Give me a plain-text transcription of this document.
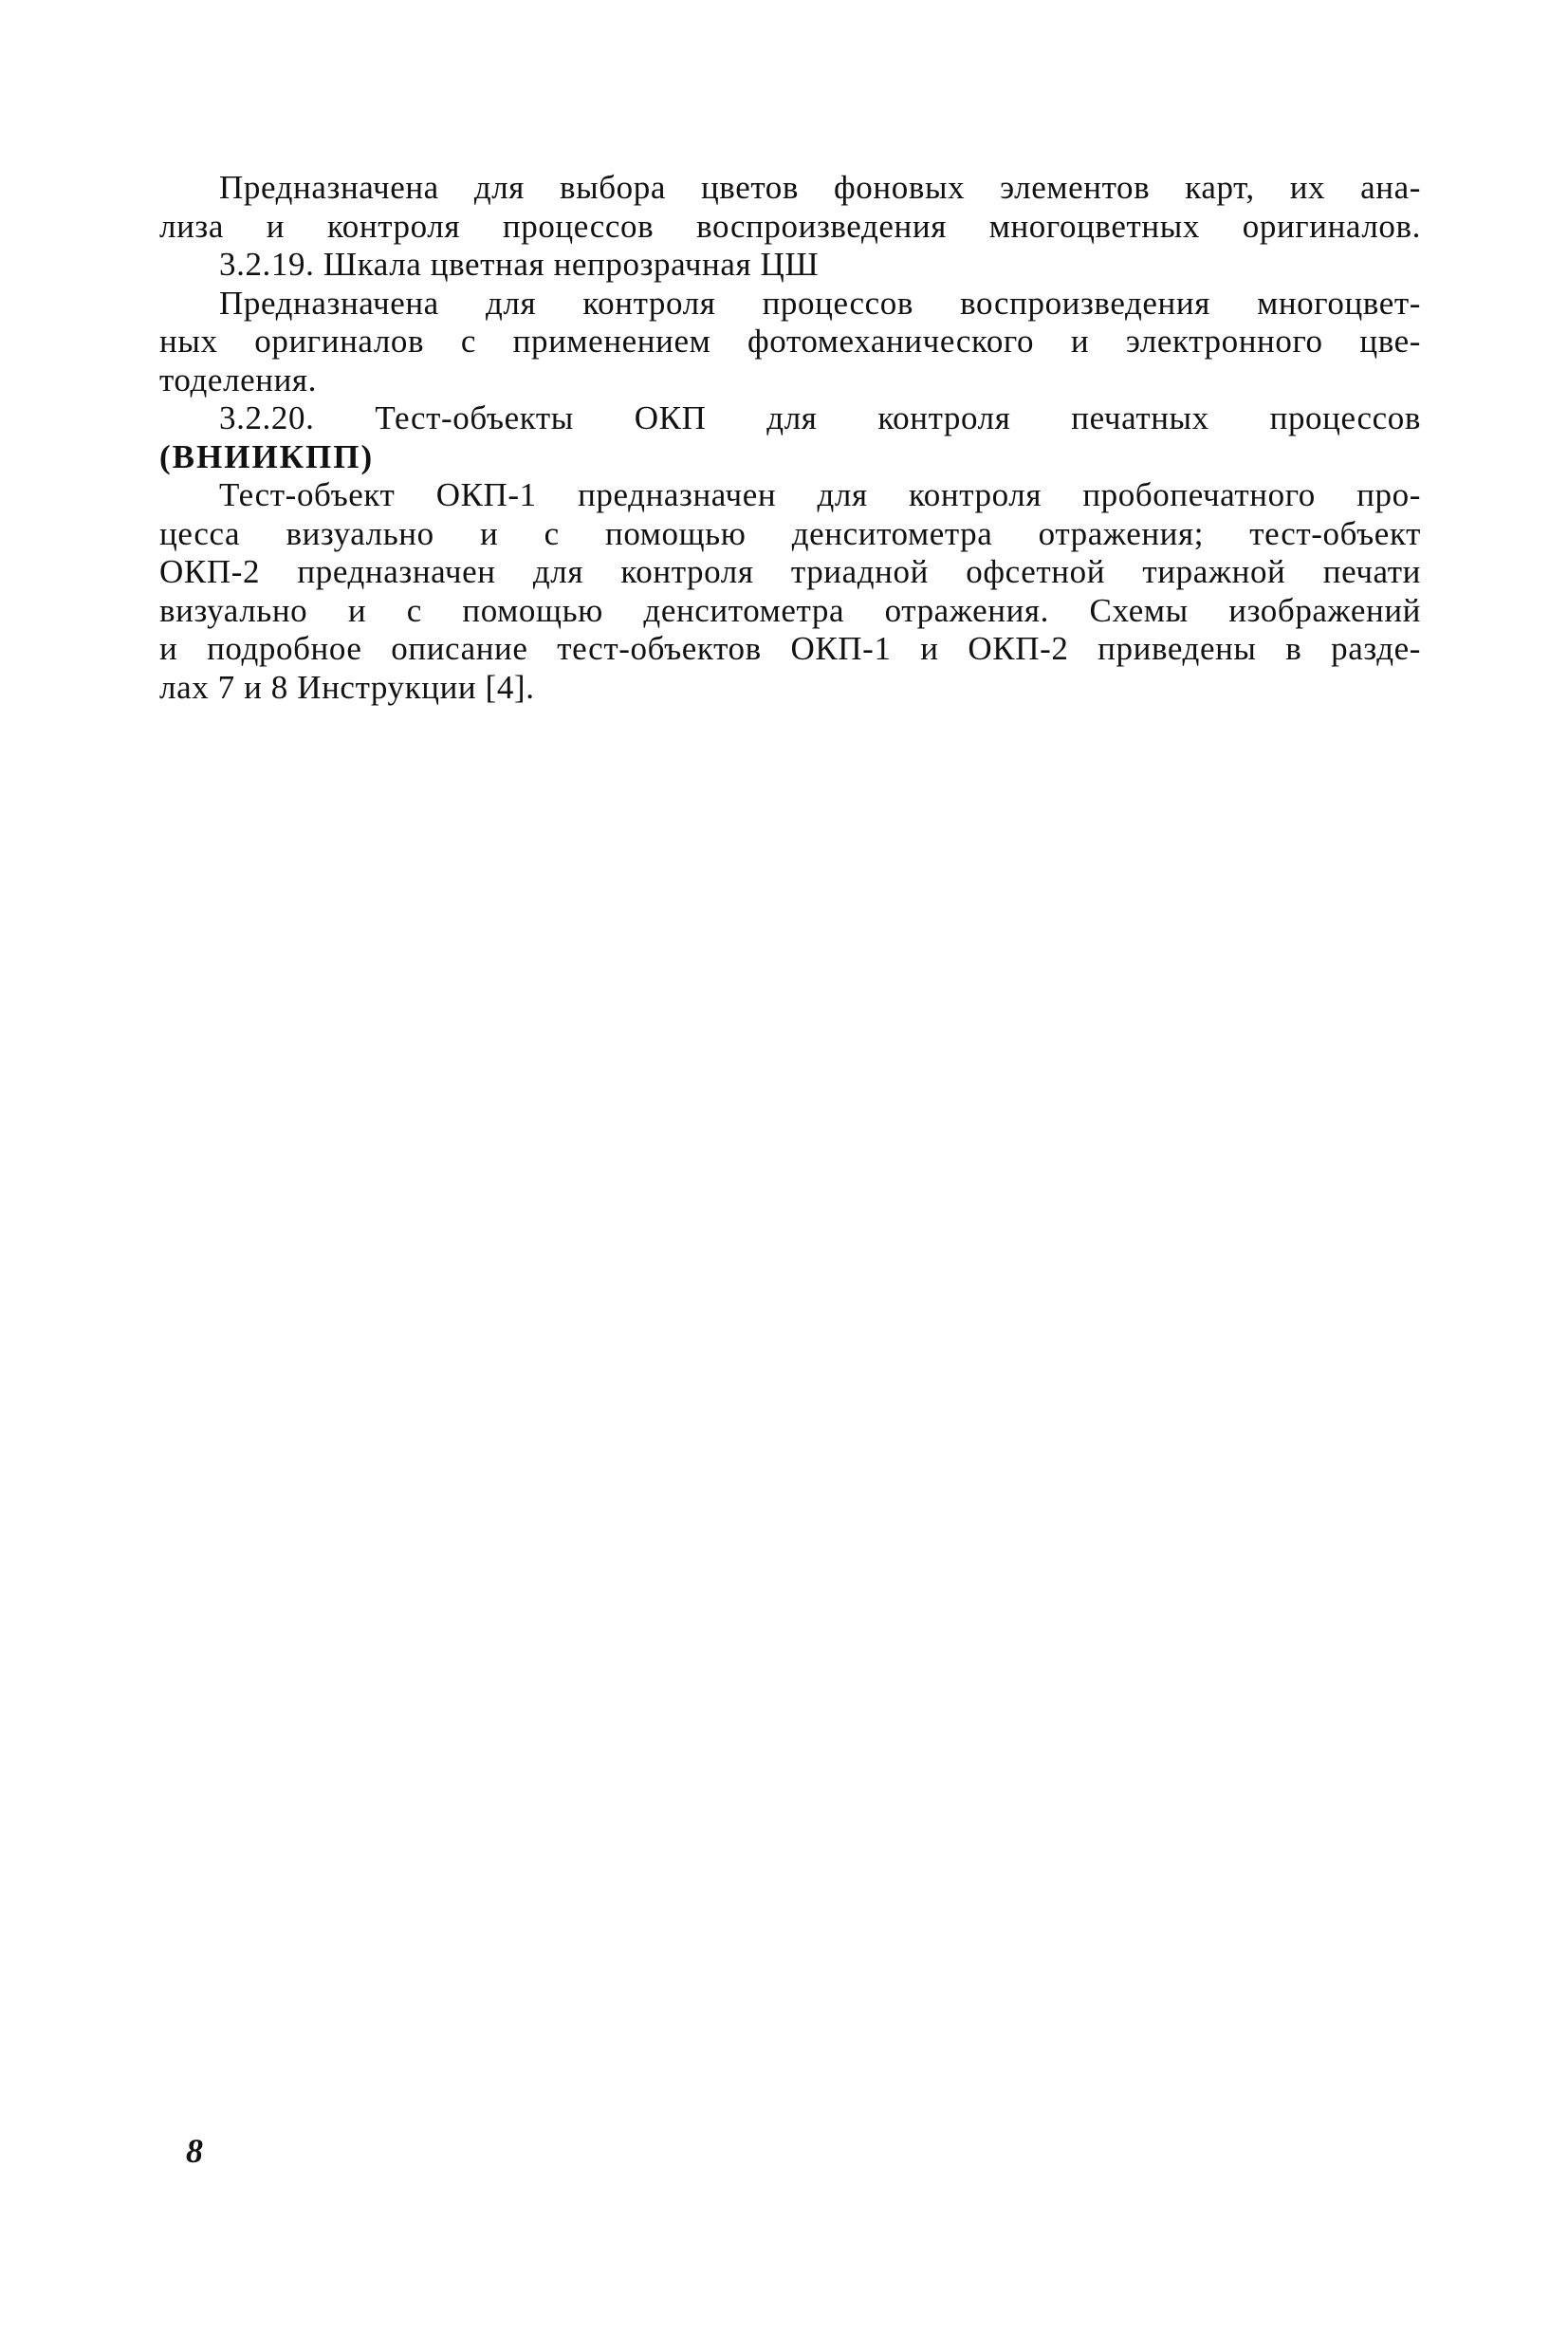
Предназначена для выбора цветов фоновых элементов карт, их ана-
лиза и контроля процессов воспроизведения многоцветных оригиналов.
3.2.19. Шкала цветная непрозрачная ЦШ
Предназначена для контроля процессов воспроизведения многоцвет-
ных оригиналов с применением фотомеханического и электронного цве-
тоделения.
3.2.20. Тест-объекты ОКП для контроля печатных процессов
(ВНИИКПП)
Тест-объект ОКП-1 предназначен для контроля пробопечатного про-
цесса визуально и с помощью денситометра отражения; тест-объект
ОКП-2 предназначен для контроля триадной офсетной тиражной печати
визуально и с помощью денситометра отражения. Схемы изображений
и подробное описание тест-объектов ОКП-1 и ОКП-2 приведены в разде-
лах 7 и 8 Инструкции [4].
8
